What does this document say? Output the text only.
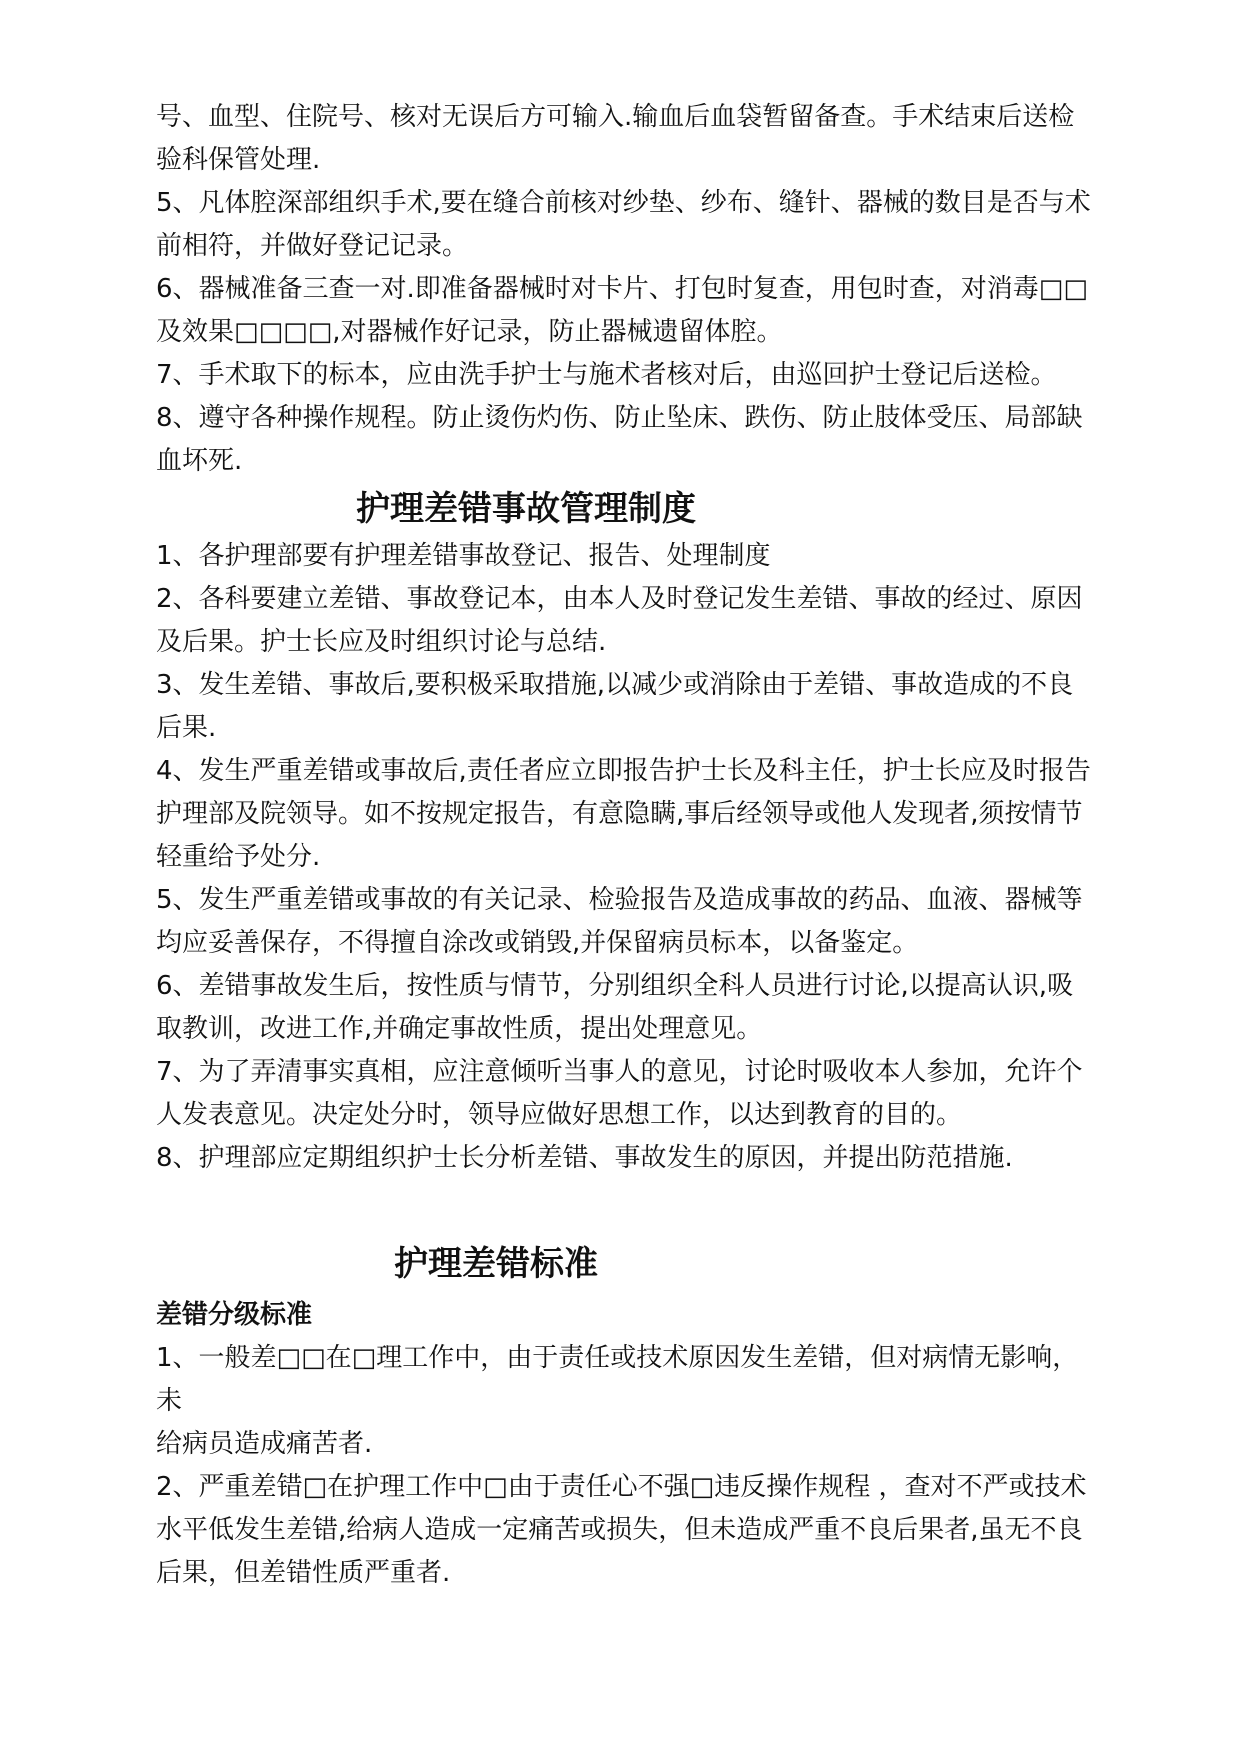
号、血型、住院号、核对无误后方可输入.输血后血袋暂留备查。手术结束后送检验科保管处理.

5、凡体腔深部组织手术,要在缝合前核对纱垫、纱布、缝针、器械的数目是否与术前相符，并做好登记记录。

6、器械准备三查一对.即准备器械时对卡片、打包时复查，用包时查，对消毒□□及效果□□□□,对器械作好记录，防止器械遗留体腔。

7、手术取下的标本，应由洗手护士与施术者核对后，由巡回护士登记后送检。

8、遵守各种操作规程。防止烫伤灼伤、防止坠床、跌伤、防止肢体受压、局部缺血坏死.

护理差错事故管理制度

1、各护理部要有护理差错事故登记、报告、处理制度

2、各科要建立差错、事故登记本，由本人及时登记发生差错、事故的经过、原因及后果。护士长应及时组织讨论与总结.

3、发生差错、事故后,要积极采取措施,以减少或消除由于差错、事故造成的不良后果.

4、发生严重差错或事故后,责任者应立即报告护士长及科主任，护士长应及时报告护理部及院领导。如不按规定报告，有意隐瞒,事后经领导或他人发现者,须按情节轻重给予处分.

5、发生严重差错或事故的有关记录、检验报告及造成事故的药品、血液、器械等均应妥善保存，不得擅自涂改或销毁,并保留病员标本，以备鉴定。

6、差错事故发生后，按性质与情节，分别组织全科人员进行讨论,以提高认识,吸取教训，改进工作,并确定事故性质，提出处理意见。

7、为了弄清事实真相，应注意倾听当事人的意见，讨论时吸收本人参加，允许个人发表意见。决定处分时，领导应做好思想工作，以达到教育的目的。

8、护理部应定期组织护士长分析差错、事故发生的原因，并提出防范措施.

护理差错标准

差错分级标准

1、一般差□□在□理工作中，由于责任或技术原因发生差错，但对病情无影响，未

给病员造成痛苦者.

2、严重差错□在护理工作中□由于责任心不强□违反操作规程 ，查对不严或技术水平低发生差错,给病人造成一定痛苦或损失，但未造成严重不良后果者,虽无不良后果，但差错性质严重者.
